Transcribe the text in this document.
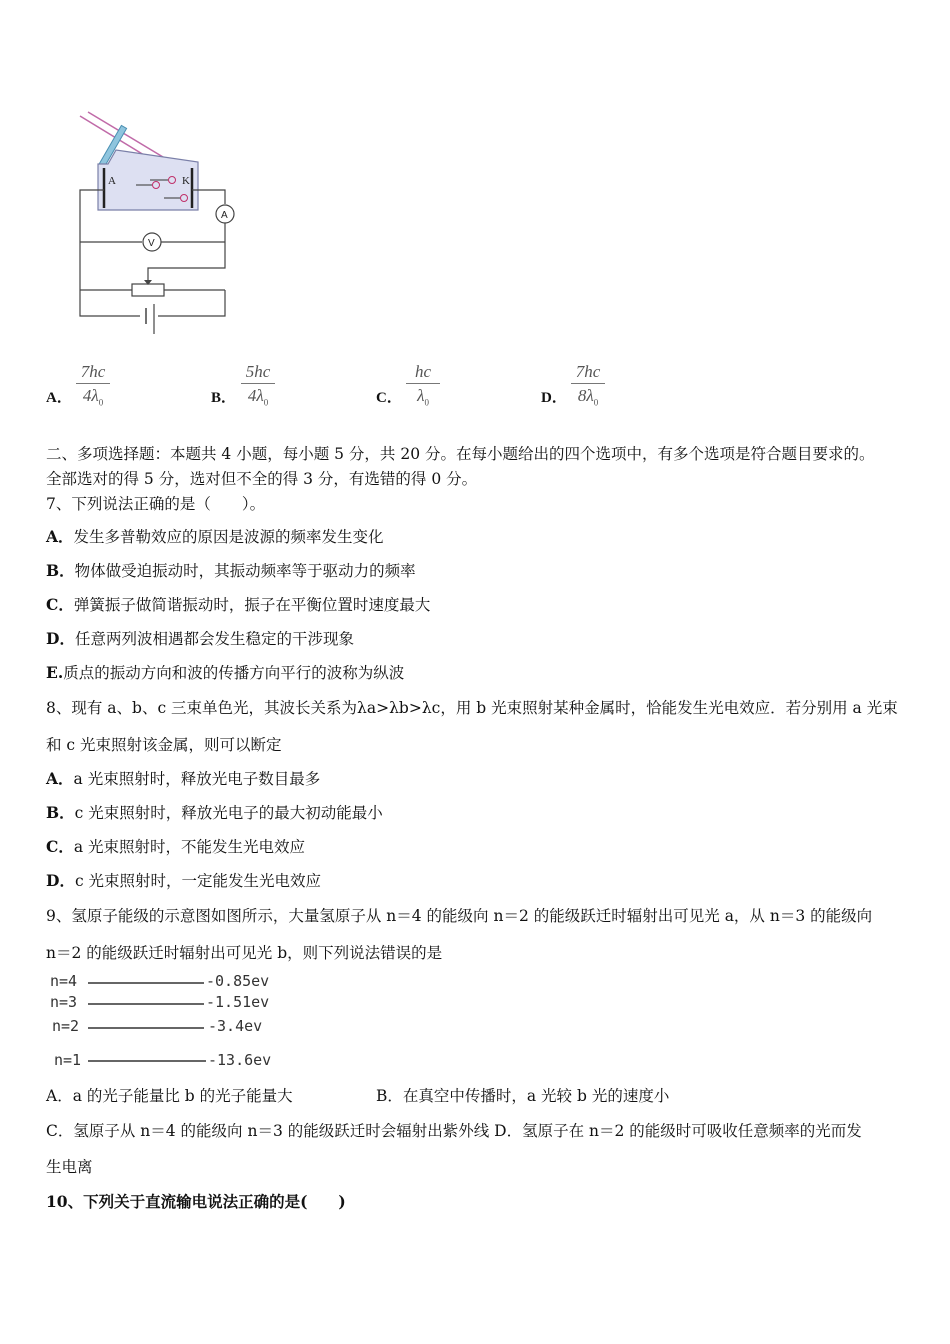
A	K
A
V
A．
7hc
$4\lambda_0$	B．
5hc
$4\lambda_0$	C．
hc
$\lambda_0$	D．
7hc
$8\lambda_0$
二、多项选择题：本题共 4 小题，每小题 5 分，共 20 分。在每小题给出的四个选项中，有多个选项是符合题目要求的。
全部选对的得 5 分，选对但不全的得 3 分，有选错的得 0 分。
7、下列说法正确的是（　　）。
A．发生多普勒效应的原因是波源的频率发生变化
B．物体做受迫振动时，其振动频率等于驱动力的频率
C．弹簧振子做简谐振动时，振子在平衡位置时速度最大
D．任意两列波相遇都会发生稳定的干涉现象
E.质点的振动方向和波的传播方向平行的波称为纵波
8、现有 a、b、c 三束单色光，其波长关系为λa>λb>λc，用 b 光束照射某种金属时，恰能发生光电效应．若分别用 a 光束
和 c 光束照射该金属，则可以断定
A．a 光束照射时，释放光电子数目最多
B．c 光束照射时，释放光电子的最大初动能最小
C．a 光束照射时，不能发生光电效应
D．c 光束照射时，一定能发生光电效应
9、氢原子能级的示意图如图所示，大量氢原子从 n＝4 的能级向 n＝2 的能级跃迁时辐射出可见光 a，从 n＝3 的能级向
n＝2 的能级跃迁时辐射出可见光 b，则下列说法错误的是
n=4	-0.85ev
n=3	-1.51ev
n=2	-3.4ev
n=1	-13.6ev
A．a 的光子能量比 b 的光子能量大	B．在真空中传播时，a 光较 b 光的速度小
C．氢原子从 n＝4 的能级向 n＝3 的能级跃迁时会辐射出紫外线 D．氢原子在 n＝2 的能级时可吸收任意频率的光而发
生电离
10、下列关于直流输电说法正确的是(　　)
